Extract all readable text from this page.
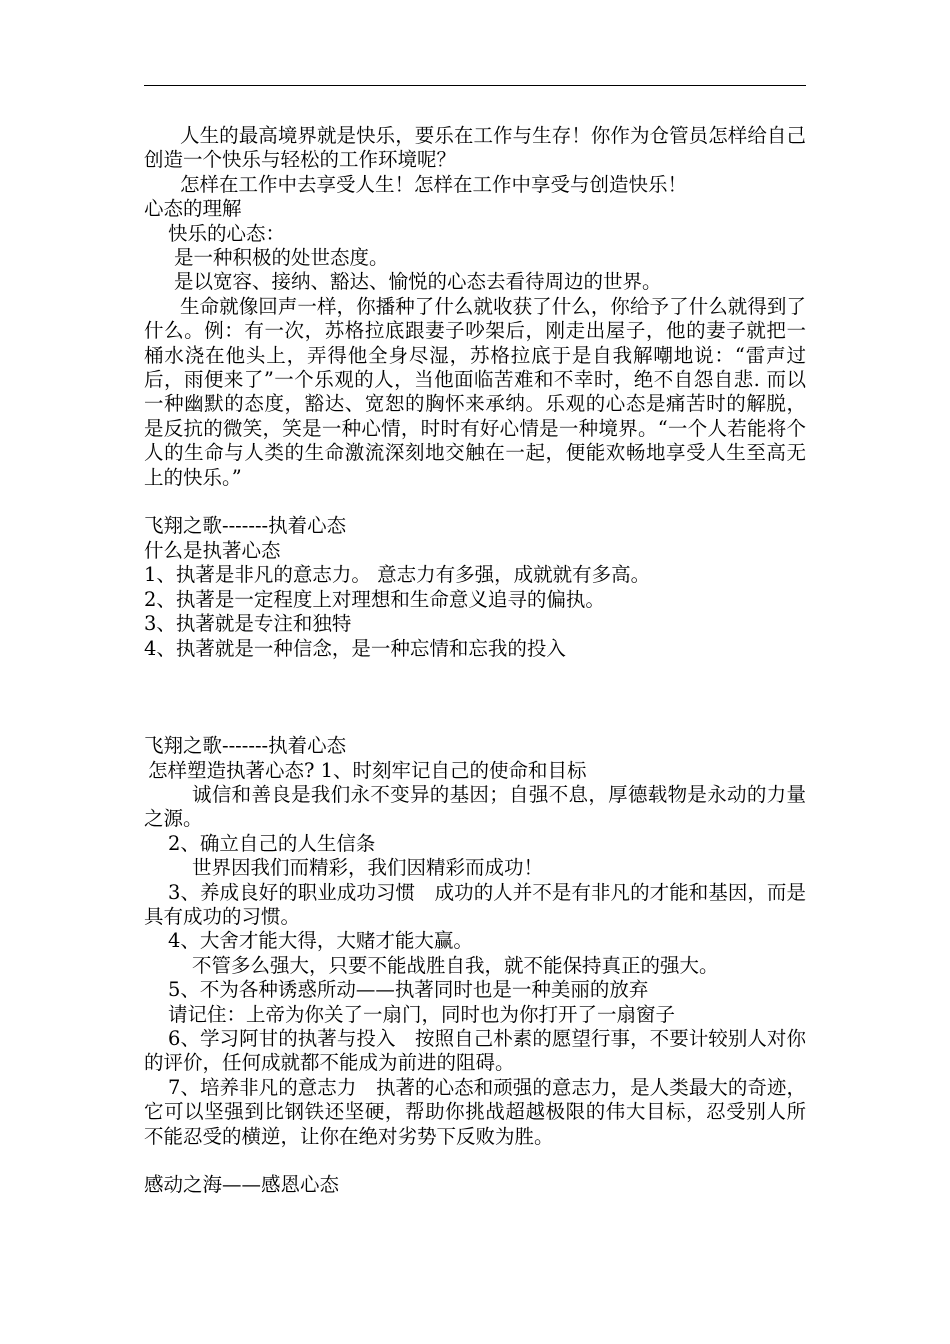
人生的最高境界就是快乐，要乐在工作与生存！你作为仓管员怎样给自己创造一个快乐与轻松的工作环境呢？

怎样在工作中去享受人生！怎样在工作中享受与创造快乐！

心态的理解

快乐的心态：

是一种积极的处世态度。

是以宽容、接纳、豁达、愉悦的心态去看待周边的世界。

生命就像回声一样，你播种了什么就收获了什么，你给予了什么就得到了什么。例：有一次，苏格拉底跟妻子吵架后，刚走出屋子，他的妻子就把一桶水浇在他头上，弄得他全身尽湿，苏格拉底于是自我解嘲地说：“雷声过后，雨便来了”一个乐观的人，当他面临苦难和不幸时，绝不自怨自悲. 而以一种幽默的态度，豁达、宽恕的胸怀来承纳。乐观的心态是痛苦时的解脱，是反抗的微笑，笑是一种心情，时时有好心情是一种境界。“一个人若能将个人的生命与人类的生命激流深刻地交触在一起，便能欢畅地享受人生至高无上的快乐。”

飞翔之歌-------执着心态

什么是执著心态

1、执著是非凡的意志力。 意志力有多强，成就就有多高。

2、执著是一定程度上对理想和生命意义追寻的偏执。

3、执著就是专注和独特

4、执著就是一种信念，是一种忘情和忘我的投入

飞翔之歌-------执着心态

怎样塑造执著心态? 1、时刻牢记自己的使命和目标

诚信和善良是我们永不变异的基因；自强不息，厚德载物是永动的力量之源。

2、确立自己的人生信条

世界因我们而精彩，我们因精彩而成功！

3、养成良好的职业成功习惯　成功的人并不是有非凡的才能和基因，而是具有成功的习惯。

4、大舍才能大得，大赌才能大赢。

不管多么强大，只要不能战胜自我，就不能保持真正的强大。

5、不为各种诱惑所动——执著同时也是一种美丽的放弃

请记住：上帝为你关了一扇门，同时也为你打开了一扇窗子

6、学习阿甘的执著与投入　按照自己朴素的愿望行事，不要计较别人对你的评价，任何成就都不能成为前进的阻碍。

7、培养非凡的意志力　执著的心态和顽强的意志力，是人类最大的奇迹，它可以坚强到比钢铁还坚硬，帮助你挑战超越极限的伟大目标，忍受别人所不能忍受的横逆，让你在绝对劣势下反败为胜。

感动之海——感恩心态
